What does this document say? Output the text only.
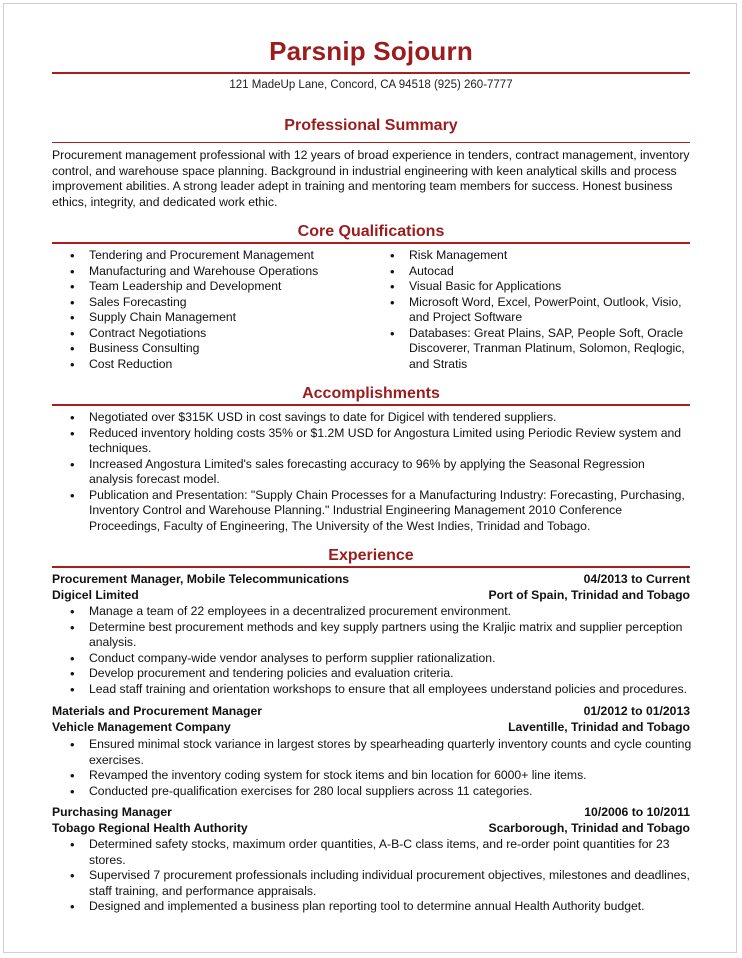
Parsnip Sojourn
121 MadeUp Lane, Concord, CA 94518 (925) 260-7777
Professional Summary
Procurement management professional with 12 years of broad experience in tenders, contract management, inventory control, and warehouse space planning. Background in industrial engineering with keen analytical skills and process improvement abilities. A strong leader adept in training and mentoring team members for success. Honest business ethics, integrity, and dedicated work ethic.
Core Qualifications
• Tendering and Procurement Management
• Manufacturing and Warehouse Operations
• Team Leadership and Development
• Sales Forecasting
• Supply Chain Management
• Contract Negotiations
• Business Consulting
• Cost Reduction
• Risk Management
• Autocad
• Visual Basic for Applications
• Microsoft Word, Excel, PowerPoint, Outlook, Visio, and Project Software
• Databases: Great Plains, SAP, People Soft, Oracle Discoverer, Tranman Platinum, Solomon, Reqlogic, and Stratis
Accomplishments
• Negotiated over $315K USD in cost savings to date for Digicel with tendered suppliers.
• Reduced inventory holding costs 35% or $1.2M USD for Angostura Limited using Periodic Review system and techniques.
• Increased Angostura Limited's sales forecasting accuracy to 96% by applying the Seasonal Regression analysis forecast model.
• Publication and Presentation: "Supply Chain Processes for a Manufacturing Industry: Forecasting, Purchasing, Inventory Control and Warehouse Planning." Industrial Engineering Management 2010 Conference Proceedings, Faculty of Engineering, The University of the West Indies, Trinidad and Tobago.
Experience
Procurement Manager, Mobile Telecommunications	04/2013 to Current
Digicel Limited	Port of Spain, Trinidad and Tobago
• Manage a team of 22 employees in a decentralized procurement environment.
• Determine best procurement methods and key supply partners using the Kraljic matrix and supplier perception analysis.
• Conduct company-wide vendor analyses to perform supplier rationalization.
• Develop procurement and tendering policies and evaluation criteria.
• Lead staff training and orientation workshops to ensure that all employees understand policies and procedures.
Materials and Procurement Manager	01/2012 to 01/2013
Vehicle Management Company	Laventille, Trinidad and Tobago
• Ensured minimal stock variance in largest stores by spearheading quarterly inventory counts and cycle counting exercises.
• Revamped the inventory coding system for stock items and bin location for 6000+ line items.
• Conducted pre-qualification exercises for 280 local suppliers across 11 categories.
Purchasing Manager	10/2006 to 10/2011
Tobago Regional Health Authority	Scarborough, Trinidad and Tobago
• Determined safety stocks, maximum order quantities, A-B-C class items, and re-order point quantities for 23 stores.
• Supervised 7 procurement professionals including individual procurement objectives, milestones and deadlines, staff training, and performance appraisals.
• Designed and implemented a business plan reporting tool to determine annual Health Authority budget.
